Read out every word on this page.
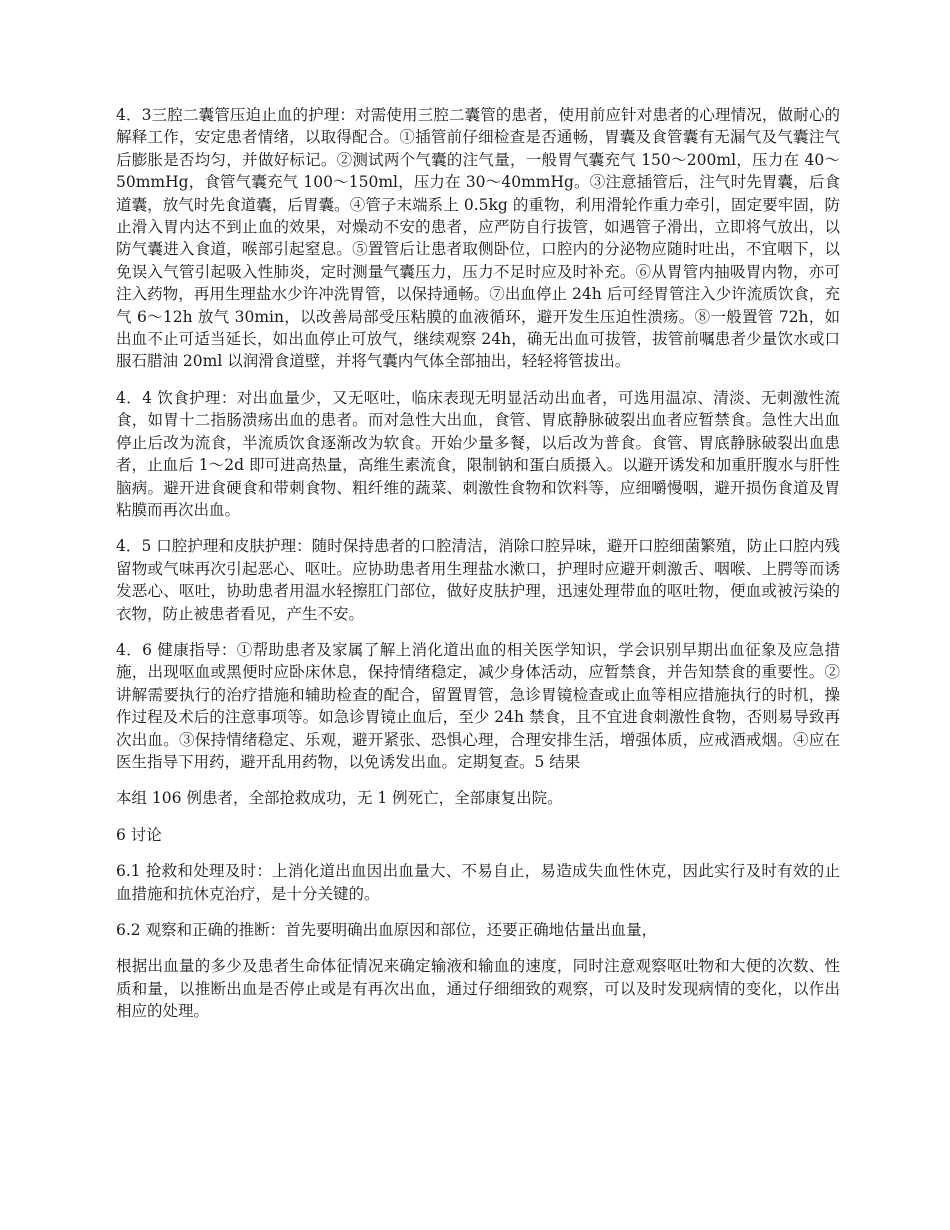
4．3三腔二囊管压迫止血的护理：对需使用三腔二囊管的患者，使用前应针对患者的心理情况，做耐心的解释工作，安定患者情绪，以取得配合。①插管前仔细检查是否通畅，胃囊及食管囊有无漏气及气囊注气后膨胀是否均匀，并做好标记。②测试两个气囊的注气量，一般胃气囊充气 150～200ml，压力在 40～50mmHg，食管气囊充气 100～150ml，压力在 30～40mmHg。③注意插管后，注气时先胃囊，后食道囊，放气时先食道囊，后胃囊。④管子末端系上 0.5kg 的重物，利用滑轮作重力牵引，固定要牢固，防止滑入胃内达不到止血的效果，对燥动不安的患者，应严防自行拔管，如遇管子滑出，立即将气放出，以防气囊进入食道，喉部引起窒息。⑤置管后让患者取侧卧位，口腔内的分泌物应随时吐出，不宜咽下，以免误入气管引起吸入性肺炎，定时测量气囊压力，压力不足时应及时补充。⑥从胃管内抽吸胃内物，亦可注入药物，再用生理盐水少许冲洗胃管，以保持通畅。⑦出血停止 24h 后可经胃管注入少许流质饮食，充气 6～12h 放气 30min，以改善局部受压粘膜的血液循环，避开发生压迫性溃疡。⑧一般置管 72h，如出血不止可适当延长，如出血停止可放气，继续观察 24h，确无出血可拔管，拔管前嘱患者少量饮水或口服石腊油 20ml 以润滑食道壁，并将气囊内气体全部抽出，轻轻将管拔出。

4．4 饮食护理：对出血量少，又无呕吐，临床表现无明显活动出血者，可选用温凉、清淡、无刺激性流食，如胃十二指肠溃疡出血的患者。而对急性大出血，食管、胃底静脉破裂出血者应暂禁食。急性大出血停止后改为流食，半流质饮食逐渐改为软食。开始少量多餐，以后改为普食。食管、胃底静脉破裂出血患者，止血后 1～2d 即可进高热量，高维生素流食，限制钠和蛋白质摄入。以避开诱发和加重肝腹水与肝性脑病。避开进食硬食和带刺食物、粗纤维的蔬菜、刺激性食物和饮料等，应细嚼慢咽，避开损伤食道及胃粘膜而再次出血。

4．5 口腔护理和皮肤护理：随时保持患者的口腔清洁，消除口腔异味，避开口腔细菌繁殖，防止口腔内残留物或气味再次引起恶心、呕吐。应协助患者用生理盐水漱口，护理时应避开刺激舌、咽喉、上腭等而诱发恶心、呕吐，协助患者用温水轻擦肛门部位，做好皮肤护理，迅速处理带血的呕吐物，便血或被污染的衣物，防止被患者看见，产生不安。

4．6 健康指导：①帮助患者及家属了解上消化道出血的相关医学知识，学会识别早期出血征象及应急措施，出现呕血或黑便时应卧床休息，保持情绪稳定，减少身体活动，应暂禁食，并告知禁食的重要性。②讲解需要执行的治疗措施和辅助检查的配合，留置胃管，急诊胃镜检查或止血等相应措施执行的时机，操作过程及术后的注意事项等。如急诊胃镜止血后，至少 24h 禁食，且不宜进食刺激性食物，否则易导致再次出血。③保持情绪稳定、乐观，避开紧张、恐惧心理，合理安排生活，增强体质，应戒酒戒烟。④应在医生指导下用药，避开乱用药物，以免诱发出血。定期复查。5 结果

本组 106 例患者，全部抢救成功，无 1 例死亡，全部康复出院。

6 讨论

6.1 抢救和处理及时：上消化道出血因出血量大、不易自止，易造成失血性休克，因此实行及时有效的止血措施和抗休克治疗，是十分关键的。

6.2 观察和正确的推断：首先要明确出血原因和部位，还要正确地估量出血量，

根据出血量的多少及患者生命体征情况来确定输液和输血的速度，同时注意观察呕吐物和大便的次数、性质和量，以推断出血是否停止或是有再次出血，通过仔细细致的观察，可以及时发现病情的变化，以作出相应的处理。
